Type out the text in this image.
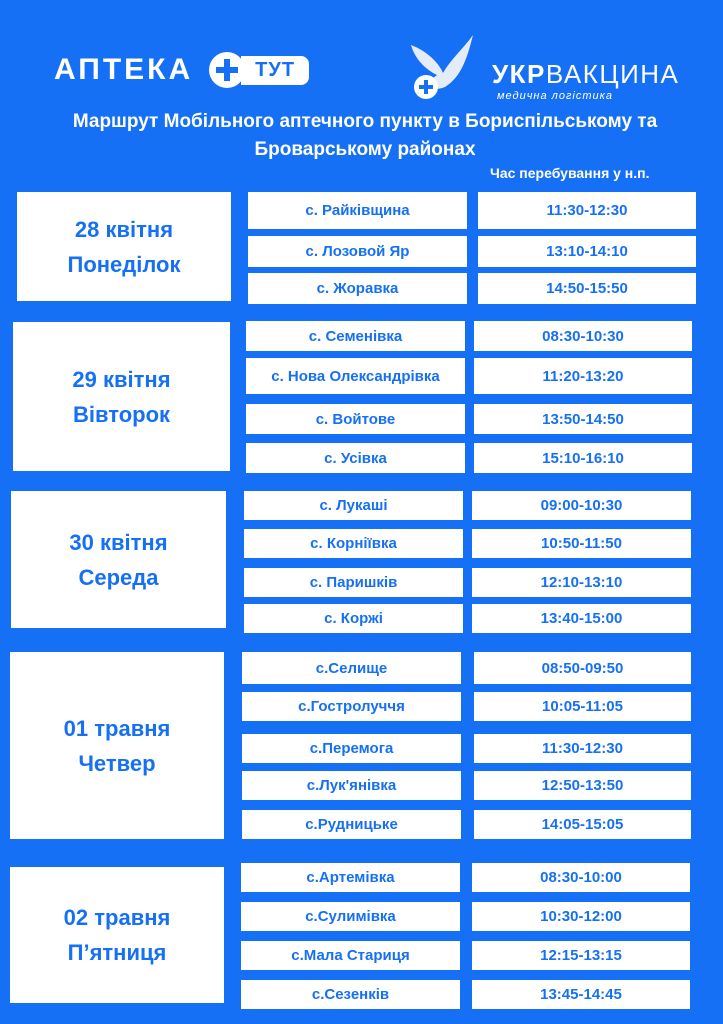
АПТЕКА	ТУТ	УКРВАКЦИНА
медична логістика
Маршрут Мобільного аптечного пункту в Бориспільському та Броварському районах
Час перебування у н.п.
28 квітня
Понеділок
с. Райківщина	11:30-12:30
с. Лозовой Яр	13:10-14:10
с. Жоравка	14:50-15:50
29 квітня
Вівторок
с. Семенівка	08:30-10:30
с. Нова Олександрівка	11:20-13:20
с. Войтове	13:50-14:50
с. Усівка	15:10-16:10
30 квітня
Середа
с. Лукаші	09:00-10:30
с. Корніївка	10:50-11:50
с. Паришків	12:10-13:10
с. Коржі	13:40-15:00
01 травня
Четвер
с.Селище	08:50-09:50
с.Гостролуччя	10:05-11:05
с.Перемога	11:30-12:30
с.Лук'янівка	12:50-13:50
с.Рудницьке	14:05-15:05
02 травня
П’ятниця
с.Артемівка	08:30-10:00
с.Сулимівка	10:30-12:00
с.Мала Стариця	12:15-13:15
с.Сезенків	13:45-14:45
